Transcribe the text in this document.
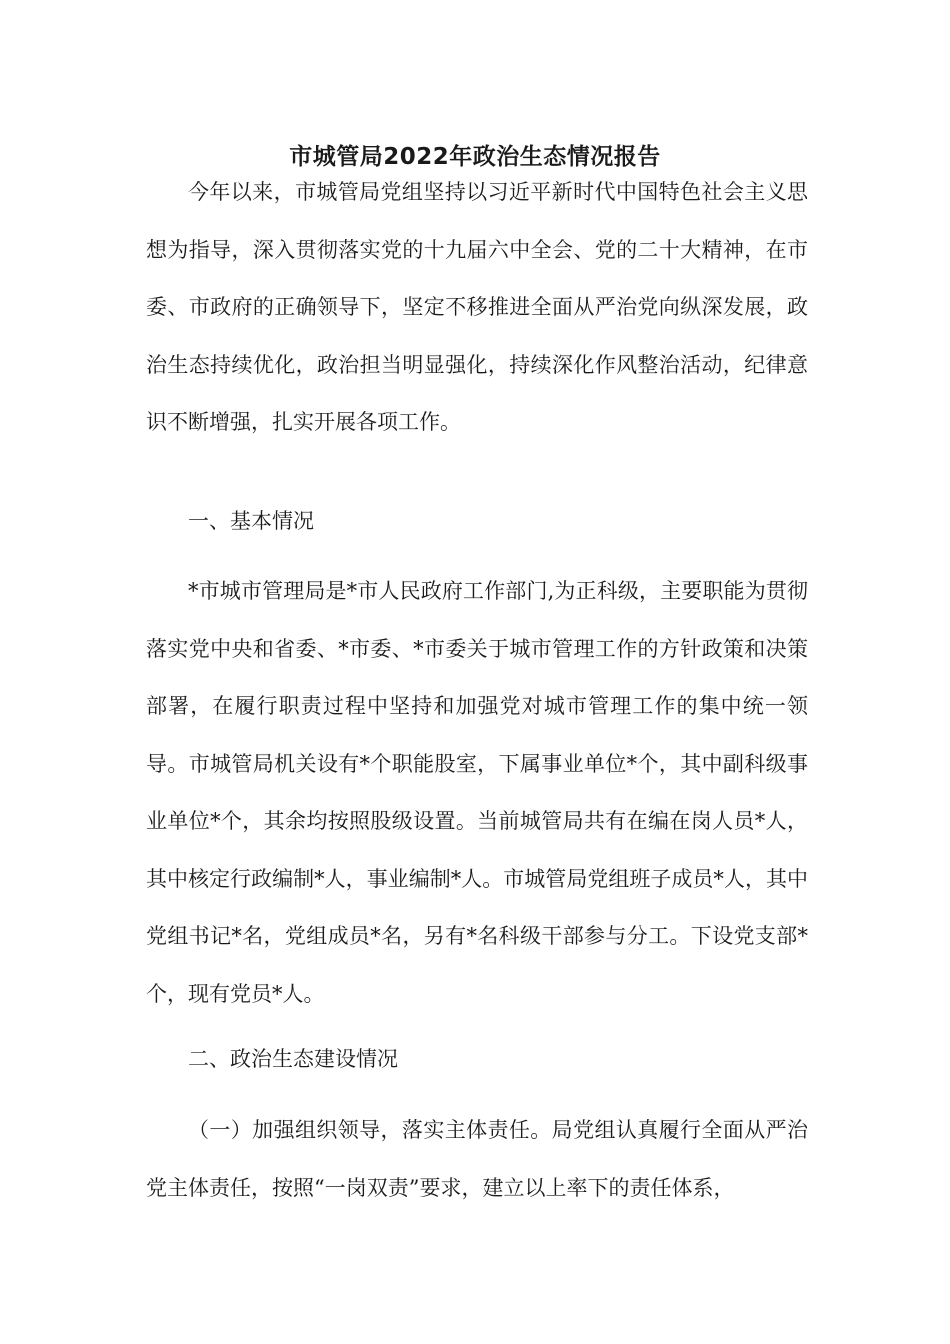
市城管局2022年政治生态情况报告

今年以来，市城管局党组坚持以习近平新时代中国特色社会主义思想为指导，深入贯彻落实党的十九届六中全会、党的二十大精神，在市委、市政府的正确领导下，坚定不移推进全面从严治党向纵深发展，政治生态持续优化，政治担当明显强化，持续深化作风整治活动，纪律意识不断增强，扎实开展各项工作。

一、基本情况

*市城市管理局是*市人民政府工作部门,为正科级，主要职能为贯彻落实党中央和省委、*市委、*市委关于城市管理工作的方针政策和决策部署，在履行职责过程中坚持和加强党对城市管理工作的集中统一领导。市城管局机关设有*个职能股室，下属事业单位*个，其中副科级事业单位*个，其余均按照股级设置。当前城管局共有在编在岗人员*人，其中核定行政编制*人，事业编制*人。市城管局党组班子成员*人，其中党组书记*名，党组成员*名，另有*名科级干部参与分工。下设党支部*个，现有党员*人。

二、政治生态建设情况

（一）加强组织领导，落实主体责任。局党组认真履行全面从严治党主体责任，按照“一岗双责”要求，建立以上率下的责任体系，
